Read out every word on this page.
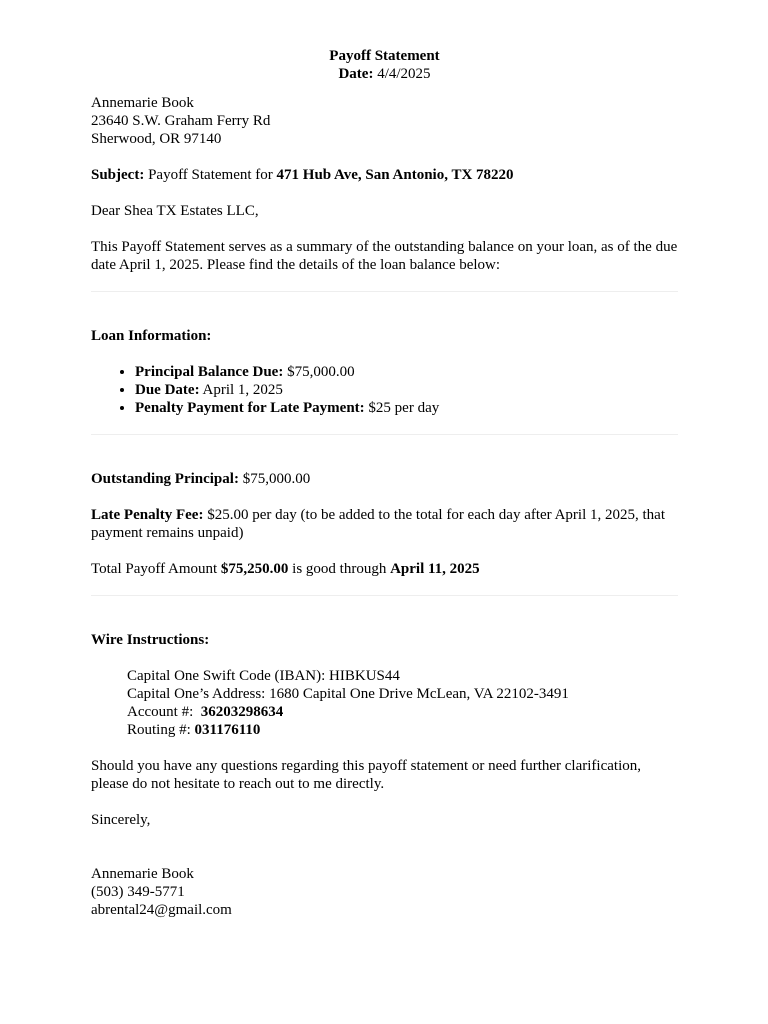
Payoff Statement
Date: 4/4/2025

Annemarie Book

23640 S.W. Graham Ferry Rd

Sherwood, OR 97140

Subject: Payoff Statement for 471 Hub Ave, San Antonio, TX 78220

Dear Shea TX Estates LLC,

This Payoff Statement serves as a summary of the outstanding balance on your loan, as of the due date April 1, 2025. Please find the details of the loan balance below:

Loan Information:

• Principal Balance Due: $75,000.00
• Due Date: April 1, 2025
• Penalty Payment for Late Payment: $25 per day

Outstanding Principal: $75,000.00

Late Penalty Fee: $25.00 per day (to be added to the total for each day after April 1, 2025, that payment remains unpaid)

Total Payoff Amount $75,250.00 is good through April 11, 2025

Wire Instructions:

Capital One Swift Code (IBAN): HIBKUS44

Capital One’s Address: 1680 Capital One Drive McLean, VA 22102-3491

Account #: 36203298634

Routing #: 031176110

Should you have any questions regarding this payoff statement or need further clarification, please do not hesitate to reach out to me directly.

Sincerely,

Annemarie Book

(503) 349-5771

abrental24@gmail.com
